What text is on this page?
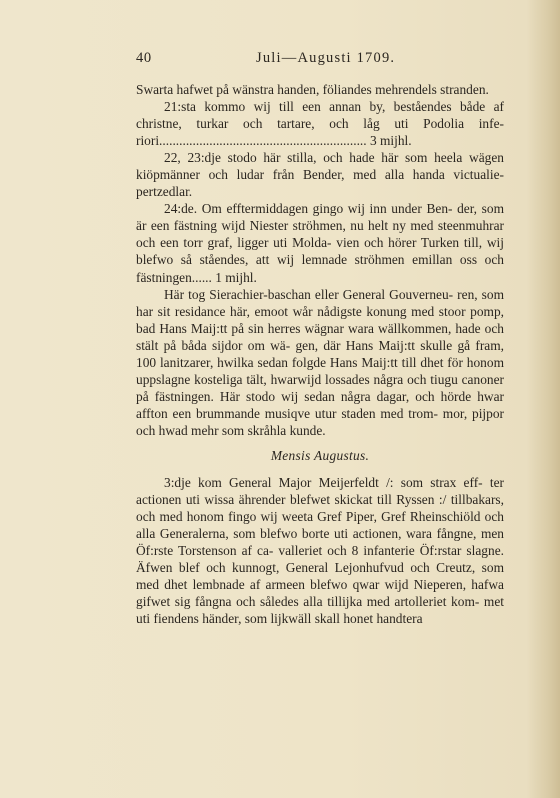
40	Juli—Augusti 1709.

Swarta hafwet på wänstra handen, föliandes mehrendels stranden.

21:sta kommo wij till een annan by, beståendes både af christne, turkar och tartare, och låg uti Podolia infe- riori.............................................................. 3 mijhl.

22, 23:dje stodo här stilla, och hade här som heela wägen kiöpmänner och ludar från Bender, med alla handa victualie-pertzedlar.

24:de. Om efftermiddagen gingo wij inn under Ben- der, som är een fästning wijd Niester ströhmen, nu helt ny med steenmuhrar och een torr graf, ligger uti Molda- vien och hörer Turken till, wij blefwo så ståendes, att wij lemnade ströhmen emillan oss och fästningen...... 1 mijhl.

Här tog Sierachier-baschan eller General Gouverneu- ren, som har sit residance här, emoot wår nådigste konung med stoor pomp, bad Hans Maij:tt på sin herres wägnar wara wällkommen, hade och stält på båda sijdor om wä- gen, där Hans Maij:tt skulle gå fram, 100 lanitzarer, hwilka sedan folgde Hans Maij:tt till dhet för honom uppslagne kosteliga tält, hwarwijd lossades några och tiugu canoner på fästningen. Här stodo wij sedan några dagar, och hörde hwar affton een brummande musiqve utur staden med trom- mor, pijpor och hwad mehr som skråhla kunde.

Mensis Augustus.

3:dje kom General Major Meijerfeldt /: som strax eff- ter actionen uti wissa ährender blefwet skickat till Ryssen :/ tillbakars, och med honom fingo wij weeta Gref Piper, Gref Rheinschiöld och alla Generalerna, som blefwo borte uti actionen, wara fångne, men Öf:rste Torstenson af ca- valleriet och 8 infanterie Öf:rstar slagne. Äfwen blef och kunnogt, General Lejonhufvud och Creutz, som med dhet lembnade af armeen blefwo qwar wijd Nieperen, hafwa gifwet sig fångna och således alla tillijka med artolleriet kom- met uti fiendens händer, som lijkwäll skall honet handtera
